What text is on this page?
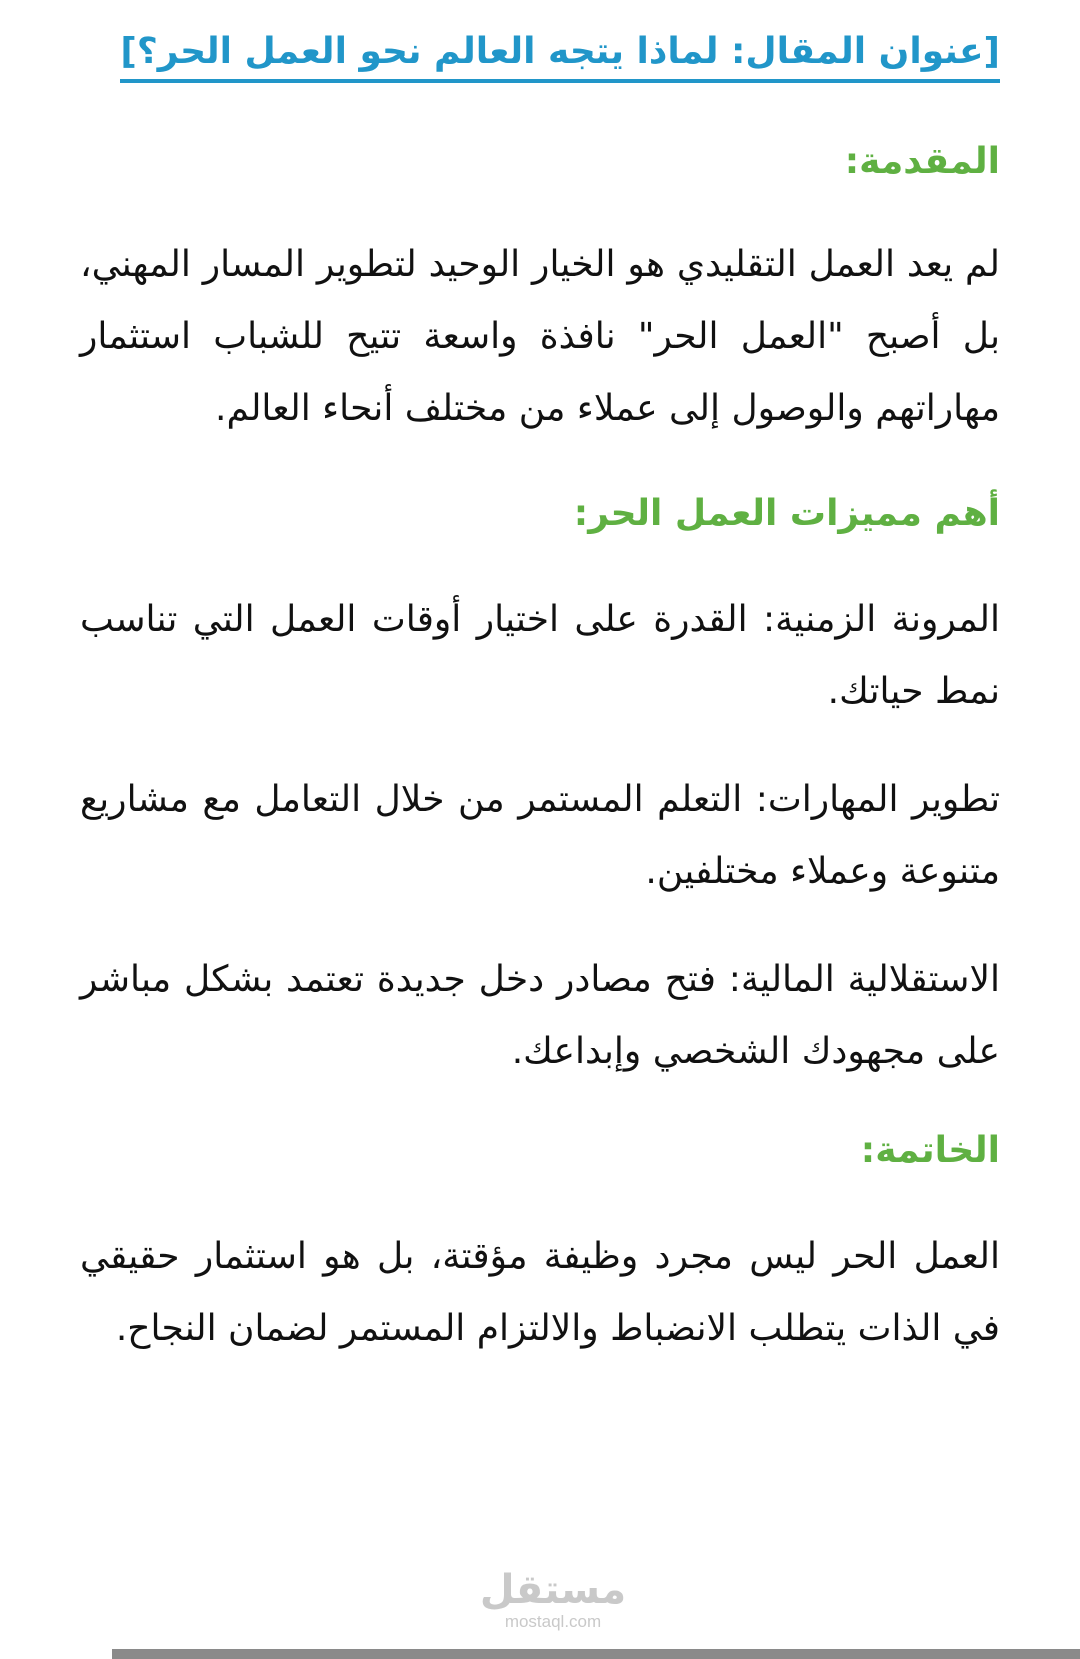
[عنوان المقال: لماذا يتجه العالم نحو العمل الحر؟]
المقدمة:

لم يعد العمل التقليدي هو الخيار الوحيد لتطوير المسار المهني، بل أصبح "العمل الحر" نافذة واسعة تتيح للشباب استثمار مهاراتهم والوصول إلى عملاء من مختلف أنحاء العالم.

أهم مميزات العمل الحر:

المرونة الزمنية: القدرة على اختيار أوقات العمل التي تناسب نمط حياتك.

تطوير المهارات: التعلم المستمر من خلال التعامل مع مشاريع متنوعة وعملاء مختلفين.

الاستقلالية المالية: فتح مصادر دخل جديدة تعتمد بشكل مباشر على مجهودك الشخصي وإبداعك.

الخاتمة:

العمل الحر ليس مجرد وظيفة مؤقتة، بل هو استثمار حقيقي في الذات يتطلب الانضباط والالتزام المستمر لضمان النجاح.

مستقل
mostaql.com
